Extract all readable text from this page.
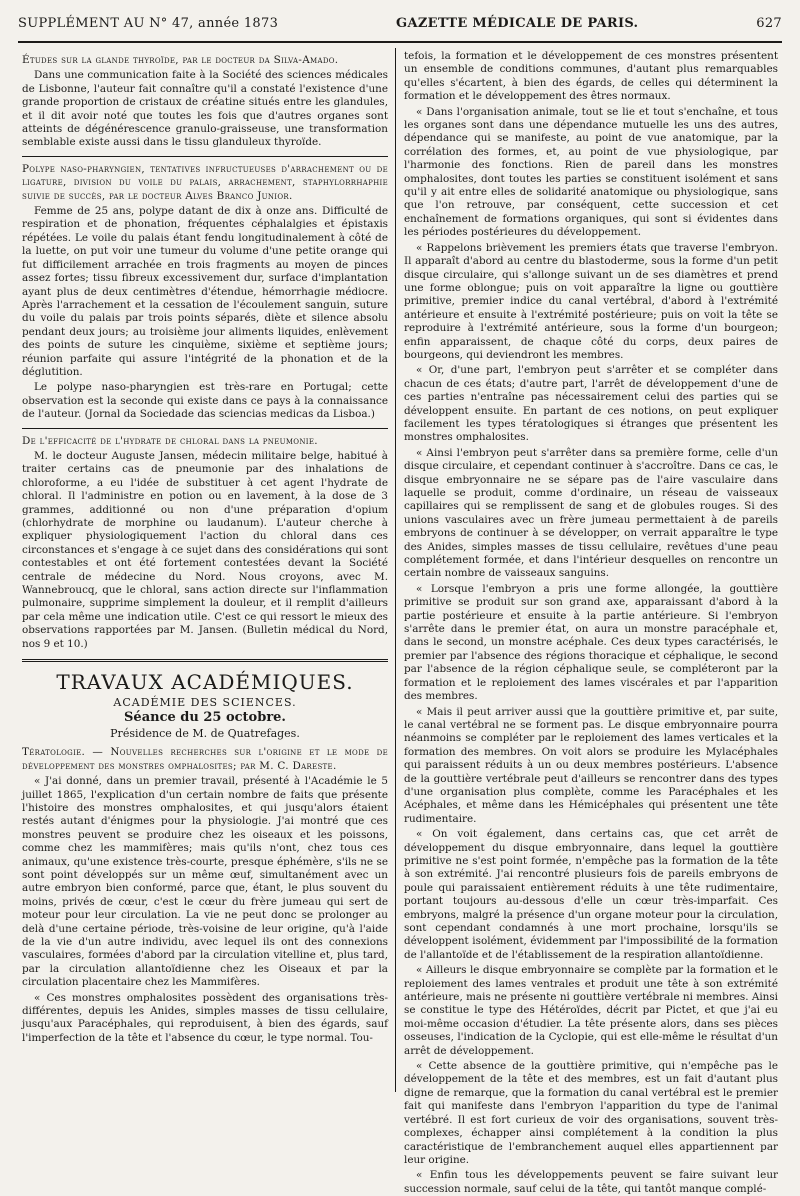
SUPPLÉMENT AU N° 47, année 1873	GAZETTE MÉDICALE DE PARIS.	627

Études sur la glande thyroïde, par le docteur da Silva-Amado.

Dans une communication faite à la Société des sciences médicales de Lisbonne, l'auteur fait connaître qu'il a constaté l'existence d'une grande proportion de cristaux de créatine situés entre les glandules, et il dit avoir noté que toutes les fois que d'autres organes sont atteints de dégénérescence granulo-graisseuse, une transformation semblable existe aussi dans le tissu glanduleux thyroïde.

Polype naso-pharyngien, tentatives infructueuses d'arrachement ou de ligature, division du voile du palais, arrachement, staphylorrhaphie suivie de succès, par le docteur Alves Branco Junior.

Femme de 25 ans, polype datant de dix à onze ans. Difficulté de respiration et de phonation, fréquentes céphalalgies et épistaxis répétées. Le voile du palais étant fendu longitudinalement à côté de la luette, on put voir une tumeur du volume d'une petite orange qui fut difficilement arrachée en trois fragments au moyen de pinces assez fortes; tissu fibreux excessivement dur, surface d'implantation ayant plus de deux centimètres d'étendue, hémorrhagie médiocre. Après l'arrachement et la cessation de l'écoulement sanguin, suture du voile du palais par trois points séparés, diète et silence absolu pendant deux jours; au troisième jour aliments liquides, enlèvement des points de suture les cinquième, sixième et septième jours; réunion parfaite qui assure l'intégrité de la phonation et de la déglutition.

Le polype naso-pharyngien est très-rare en Portugal; cette observation est la seconde qui existe dans ce pays à la connaissance de l'auteur. (Jornal da Sociedade das sciencias medicas da Lisboa.)

De l'efficacité de l'hydrate de chloral dans la pneumonie.

M. le docteur Auguste Jansen, médecin militaire belge, habitué à traiter certains cas de pneumonie par des inhalations de chloroforme, a eu l'idée de substituer à cet agent l'hydrate de chloral. Il l'administre en potion ou en lavement, à la dose de 3 grammes, additionné ou non d'une préparation d'opium (chlorhydrate de morphine ou laudanum). L'auteur cherche à expliquer physiologiquement l'action du chloral dans ces circonstances et s'engage à ce sujet dans des considérations qui sont contestables et ont été fortement contestées devant la Société centrale de médecine du Nord. Nous croyons, avec M. Wannebroucq, que le chloral, sans action directe sur l'inflammation pulmonaire, supprime simplement la douleur, et il remplit d'ailleurs par cela même une indication utile. C'est ce qui ressort le mieux des observations rapportées par M. Jansen. (Bulletin médical du Nord, nos 9 et 10.)

TRAVAUX ACADÉMIQUES.
ACADÉMIE DES SCIENCES.
Séance du 25 octobre.
Présidence de M. de Quatrefages.

Tératologie. — Nouvelles recherches sur l'origine et le mode de développement des monstres omphalosites; par M. C. Dareste.

« J'ai donné, dans un premier travail, présenté à l'Académie le 5 juillet 1865, l'explication d'un certain nombre de faits que présente l'histoire des monstres omphalosites, et qui jusqu'alors étaient restés autant d'énigmes pour la physiologie. J'ai montré que ces monstres peuvent se produire chez les oiseaux et les poissons, comme chez les mammifères; mais qu'ils n'ont, chez tous ces animaux, qu'une existence très-courte, presque éphémère, s'ils ne se sont point développés sur un même œuf, simultanément avec un autre embryon bien conformé, parce que, étant, le plus souvent du moins, privés de cœur, c'est le cœur du frère jumeau qui sert de moteur pour leur circulation. La vie ne peut donc se prolonger au delà d'une certaine période, très-voisine de leur origine, qu'à l'aide de la vie d'un autre individu, avec lequel ils ont des connexions vasculaires, formées d'abord par la circulation vitelline et, plus tard, par la circulation allantoïdienne chez les Oiseaux et par la circulation placentaire chez les Mammifères.

« Ces monstres omphalosites possèdent des organisations très-différentes, depuis les Anides, simples masses de tissu cellulaire, jusqu'aux Paracéphales, qui reproduisent, à bien des égards, sauf l'imperfection de la tête et l'absence du cœur, le type normal. Tou-

tefois, la formation et le développement de ces monstres présentent un ensemble de conditions communes, d'autant plus remarquables qu'elles s'écartent, à bien des égards, de celles qui déterminent la formation et le développement des êtres normaux.

« Dans l'organisation animale, tout se lie et tout s'enchaîne, et tous les organes sont dans une dépendance mutuelle les uns des autres, dépendance qui se manifeste, au point de vue anatomique, par la corrélation des formes, et, au point de vue physiologique, par l'harmonie des fonctions. Rien de pareil dans les monstres omphalosites, dont toutes les parties se constituent isolément et sans qu'il y ait entre elles de solidarité anatomique ou physiologique, sans que l'on retrouve, par conséquent, cette succession et cet enchaînement de formations organiques, qui sont si évidentes dans les périodes postérieures du développement.

« Rappelons brièvement les premiers états que traverse l'embryon. Il apparaît d'abord au centre du blastoderme, sous la forme d'un petit disque circulaire, qui s'allonge suivant un de ses diamètres et prend une forme oblongue; puis on voit apparaître la ligne ou gouttière primitive, premier indice du canal vertébral, d'abord à l'extrémité antérieure et ensuite à l'extrémité postérieure; puis on voit la tête se reproduire à l'extrémité antérieure, sous la forme d'un bourgeon; enfin apparaissent, de chaque côté du corps, deux paires de bourgeons, qui deviendront les membres.

« Or, d'une part, l'embryon peut s'arrêter et se compléter dans chacun de ces états; d'autre part, l'arrêt de développement d'une de ces parties n'entraîne pas nécessairement celui des parties qui se développent ensuite. En partant de ces notions, on peut expliquer facilement les types tératologiques si étranges que présentent les monstres omphalosites.

« Ainsi l'embryon peut s'arrêter dans sa première forme, celle d'un disque circulaire, et cependant continuer à s'accroître. Dans ce cas, le disque embryonnaire ne se sépare pas de l'aire vasculaire dans laquelle se produit, comme d'ordinaire, un réseau de vaisseaux capillaires qui se remplissent de sang et de globules rouges. Si des unions vasculaires avec un frère jumeau permettaient à de pareils embryons de continuer à se développer, on verrait apparaître le type des Anides, simples masses de tissu cellulaire, revêtues d'une peau complétement formée, et dans l'intérieur desquelles on rencontre un certain nombre de vaisseaux sanguins.

« Lorsque l'embryon a pris une forme allongée, la gouttière primitive se produit sur son grand axe, apparaissant d'abord à la partie postérieure et ensuite à la partie antérieure. Si l'embryon s'arrête dans le premier état, on aura un monstre paracéphale et, dans le second, un monstre acéphale. Ces deux types caractérisés, le premier par l'absence des régions thoracique et céphalique, le second par l'absence de la région céphalique seule, se compléteront par la formation et le reploiement des lames viscérales et par l'apparition des membres.

« Mais il peut arriver aussi que la gouttière primitive et, par suite, le canal vertébral ne se forment pas. Le disque embryonnaire pourra néanmoins se compléter par le reploiement des lames verticales et la formation des membres. On voit alors se produire les Mylacéphales qui paraissent réduits à un ou deux membres postérieurs. L'absence de la gouttière vertébrale peut d'ailleurs se rencontrer dans des types d'une organisation plus complète, comme les Paracéphales et les Acéphales, et même dans les Hémicéphales qui présentent une tête rudimentaire.

« On voit également, dans certains cas, que cet arrêt de développement du disque embryonnaire, dans lequel la gouttière primitive ne s'est point formée, n'empêche pas la formation de la tête à son extrémité. J'ai rencontré plusieurs fois de pareils embryons de poule qui paraissaient entièrement réduits à une tête rudimentaire, portant toujours au-dessous d'elle un cœur très-imparfait. Ces embryons, malgré la présence d'un organe moteur pour la circulation, sont cependant condamnés à une mort prochaine, lorsqu'ils se développent isolément, évidemment par l'impossibilité de la formation de l'allantoïde et de l'établissement de la respiration allantoïdienne.

« Ailleurs le disque embryonnaire se complète par la formation et le reploiement des lames ventrales et produit une tête à son extrémité antérieure, mais ne présente ni gouttière vertébrale ni membres. Ainsi se constitue le type des Hétéroïdes, décrit par Pictet, et que j'ai eu moi-même occasion d'étudier. La tête présente alors, dans ses pièces osseuses, l'indication de la Cyclopie, qui est elle-même le résultat d'un arrêt de développement.

« Cette absence de la gouttière primitive, qui n'empêche pas le développement de la tête et des membres, est un fait d'autant plus digne de remarque, que la formation du canal vertébral est le premier fait qui manifeste dans l'embryon l'apparition du type de l'animal vertébré. Il est fort curieux de voir des organisations, souvent très-complexes, échapper ainsi complétement à la condition la plus caractéristique de l'embranchement auquel elles appartiennent par leur origine.

« Enfin tous les développements peuvent se faire suivant leur succession normale, sauf celui de la tête, qui tantôt manque complé-
